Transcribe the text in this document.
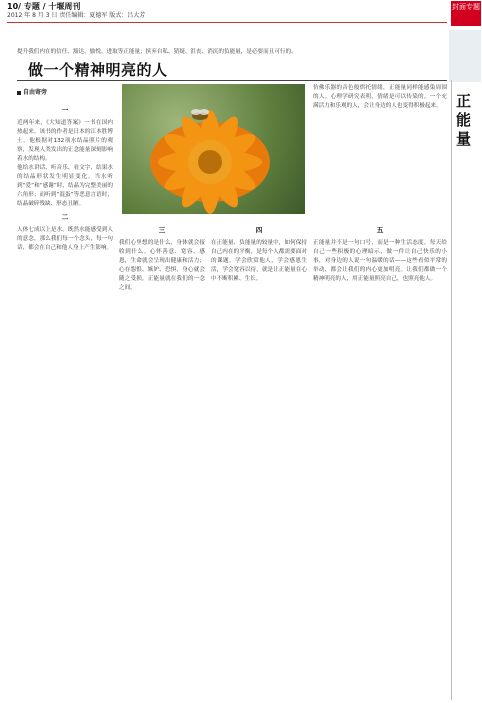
10/ 专题 / 十堰周刊
2012 年 8 月 3 日 责任编辑：夏德军 版式：吕大芳
封面专题
提升我们内在的信任、豁达、愉悦、进取等正能量；摈弃自私、猜疑、沮丧、消沉的负能量，是必要而且可行的。
做一个精神明亮的人
自由寄旁
一

近两年来，《大知道答案》一书在国内热起来。该书的作者是日本的江本胜博士，他根据对132项水结晶照片的观察，发现人类发出的正念能量深刻影响着水的结构。

他给水讲话、听音乐、看文字，结果水的结晶形状发生明显变化。当水听到“爱”和“感谢”时，结晶为完整美丽的六角形；而听到“混蛋”等恶意言语时，结晶破碎残缺、形态丑陋。

二

人体七成以上是水。既然水能感受到人的意念，那么我们每一个念头，每一句话，都会在自己和他人身上产生影响。

三

我们心里想的是什么，身体就会接收到什么。心怀善意、宽容、感恩，生命就会呈现出健康和活力；心存怨恨、嫉妒、恐惧，身心就会随之受损。正能量就在我们的一念之间。

四

在正能量、负能量的较量中，如何保持自己内在的平衡，是每个人都需要面对的课题。学会欣赏他人，学会感恩生活，学会宽容以待，就是让正能量在心中不断积累、生长。

仿佛乐器的音色般烘托情绪，正能量同样能感染周围的人。心理学研究表明，情绪是可以传染的。一个充满活力和乐观的人，会让身边的人也变得积极起来。

五

正能量并不是一句口号，而是一种生活态度。每天给自己一些积极的心理暗示，做一件让自己快乐的小事，对身边的人说一句温暖的话——这些看似平常的举动，都会让我们的内心更加明亮。让我们都做一个精神明亮的人，用正能量照亮自己，也照亮他人。

正能量
